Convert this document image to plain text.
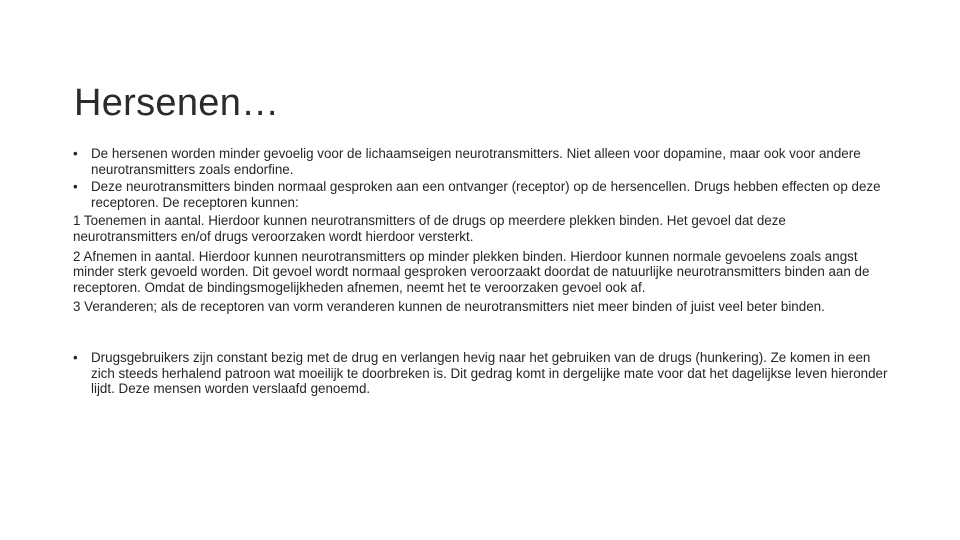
Hersenen…
• De hersenen worden minder gevoelig voor de lichaamseigen neurotransmitters. Niet alleen voor dopamine, maar ook voor andere neurotransmitters zoals endorfine.
• Deze neurotransmitters binden normaal gesproken aan een ontvanger (receptor) op de hersencellen. Drugs hebben effecten op deze receptoren. De receptoren kunnen:

1 Toenemen in aantal. Hierdoor kunnen neurotransmitters of de drugs op meerdere plekken binden. Het gevoel dat deze neurotransmitters en/of drugs veroorzaken wordt hierdoor versterkt.

2 Afnemen in aantal. Hierdoor kunnen neurotransmitters op minder plekken binden. Hierdoor kunnen normale gevoelens zoals angst minder sterk gevoeld worden. Dit gevoel wordt normaal gesproken veroorzaakt doordat de natuurlijke neurotransmitters binden aan de receptoren. Omdat de bindingsmogelijkheden afnemen, neemt het te veroorzaken gevoel ook af.

3 Veranderen; als de receptoren van vorm veranderen kunnen de neurotransmitters niet meer binden of juist veel beter binden.

• Drugsgebruikers zijn constant bezig met de drug en verlangen hevig naar het gebruiken van de drugs (hunkering). Ze komen in een zich steeds herhalend patroon wat moeilijk te doorbreken is. Dit gedrag komt in dergelijke mate voor dat het dagelijkse leven hieronder lijdt. Deze mensen worden verslaafd genoemd.
